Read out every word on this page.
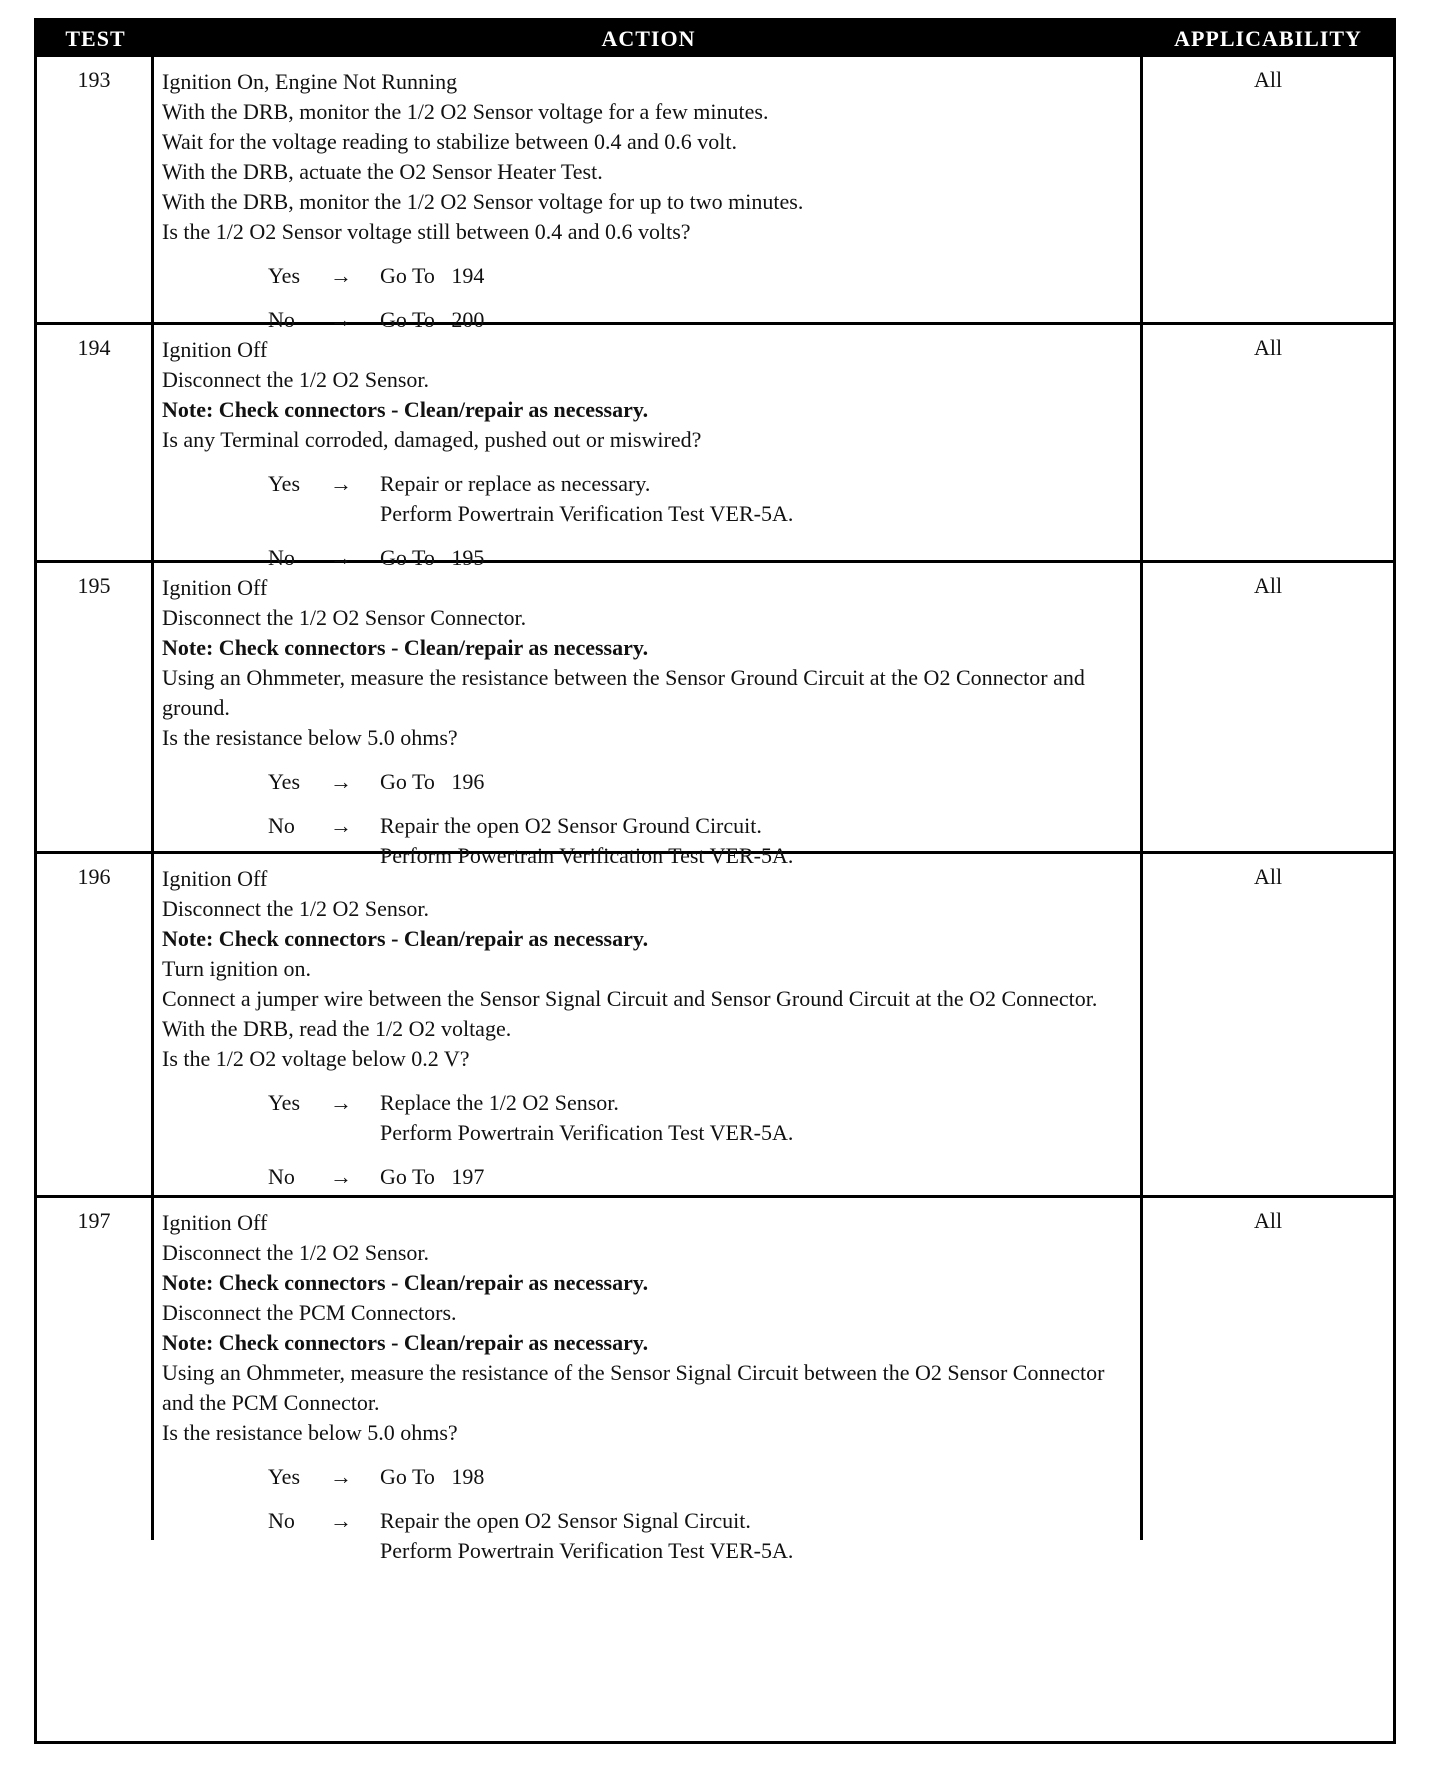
TEST	ACTION	APPLICABILITY
193	Ignition On, Engine Not Running
With the DRB, monitor the 1/2 O2 Sensor voltage for a few minutes.
Wait for the voltage reading to stabilize between 0.4 and 0.6 volt.
With the DRB, actuate the O2 Sensor Heater Test.
With the DRB, monitor the 1/2 O2 Sensor voltage for up to two minutes.
Is the 1/2 O2 Sensor voltage still between 0.4 and 0.6 volts?
Yes	→	Go To   194
No	→	Go To   200
All
194	Ignition Off
Disconnect the 1/2 O2 Sensor.
Note: Check connectors - Clean/repair as necessary.
Is any Terminal corroded, damaged, pushed out or miswired?
Yes	→	Repair or replace as necessary.
Perform Powertrain Verification Test VER-5A.
No	→	Go To   195
All
195	Ignition Off
Disconnect the 1/2 O2 Sensor Connector.
Note: Check connectors - Clean/repair as necessary.
Using an Ohmmeter, measure the resistance between the Sensor Ground Circuit at the O2 Connector and ground.
Is the resistance below 5.0 ohms?
Yes	→	Go To   196
No	→	Repair the open O2 Sensor Ground Circuit.
Perform Powertrain Verification Test VER-5A.
All
196	Ignition Off
Disconnect the 1/2 O2 Sensor.
Note: Check connectors - Clean/repair as necessary.
Turn ignition on.
Connect a jumper wire between the Sensor Signal Circuit and Sensor Ground Circuit at the O2 Connector.
With the DRB, read the 1/2 O2 voltage.
Is the 1/2 O2 voltage below 0.2 V?
Yes	→	Replace the 1/2 O2 Sensor.
Perform Powertrain Verification Test VER-5A.
No	→	Go To   197
All
197	Ignition Off
Disconnect the 1/2 O2 Sensor.
Note: Check connectors - Clean/repair as necessary.
Disconnect the PCM Connectors.
Note: Check connectors - Clean/repair as necessary.
Using an Ohmmeter, measure the resistance of the Sensor Signal Circuit between the O2 Sensor Connector and the PCM Connector.
Is the resistance below 5.0 ohms?
Yes	→	Go To   198
No	→	Repair the open O2 Sensor Signal Circuit.
Perform Powertrain Verification Test VER-5A.
All
